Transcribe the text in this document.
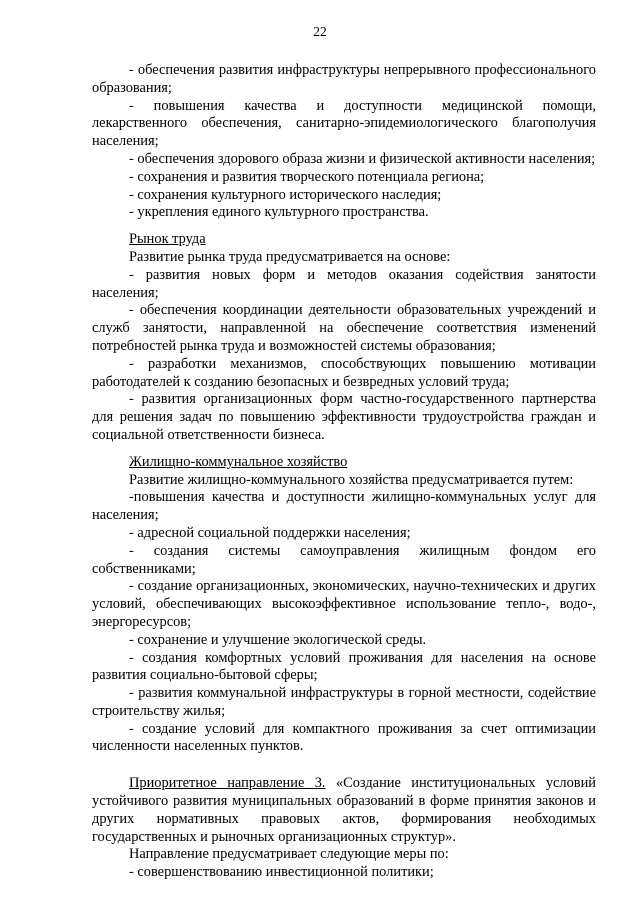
22

- обеспечения развития инфраструктуры непрерывного профессионального образования;

- повышения качества и доступности медицинской помощи, лекарственного обеспечения, санитарно-эпидемиологического благополучия населения;

- обеспечения здорового образа жизни и физической активности населения;

- сохранения и развития творческого потенциала региона;

- сохранения культурного исторического наследия;

- укрепления единого культурного пространства.

Рынок труда

Развитие рынка труда предусматривается на основе:

- развития новых форм и методов оказания содействия занятости населения;

- обеспечения координации деятельности образовательных учреждений и служб занятости, направленной на обеспечение соответствия изменений потребностей рынка труда и возможностей системы образования;

- разработки механизмов, способствующих повышению мотивации работодателей к созданию безопасных и безвредных условий труда;

- развития организационных форм частно-государственного партнерства для решения задач по повышению эффективности трудоустройства граждан и социальной ответственности бизнеса.

Жилищно-коммунальное хозяйство

Развитие жилищно-коммунального хозяйства предусматривается путем:

-повышения качества и доступности жилищно-коммунальных услуг для населения;

- адресной социальной поддержки населения;

- создания системы самоуправления жилищным фондом его собственниками;

- создание организационных, экономических, научно-технических и других условий, обеспечивающих высокоэффективное использование тепло-, водо-, энергоресурсов;

- сохранение и улучшение экологической среды.

- создания комфортных условий проживания для населения на основе развития социально-бытовой сферы;

- развития коммунальной инфраструктуры в горной местности, содействие строительству жилья;

- создание условий для компактного проживания за счет оптимизации численности населенных пунктов.

Приоритетное направление 3. «Создание институциональных условий устойчивого развития муниципальных образований в форме принятия законов и других нормативных правовых актов, формирования необходимых государственных и рыночных организационных структур».

Направление предусматривает следующие меры по:

- совершенствованию инвестиционной политики;
